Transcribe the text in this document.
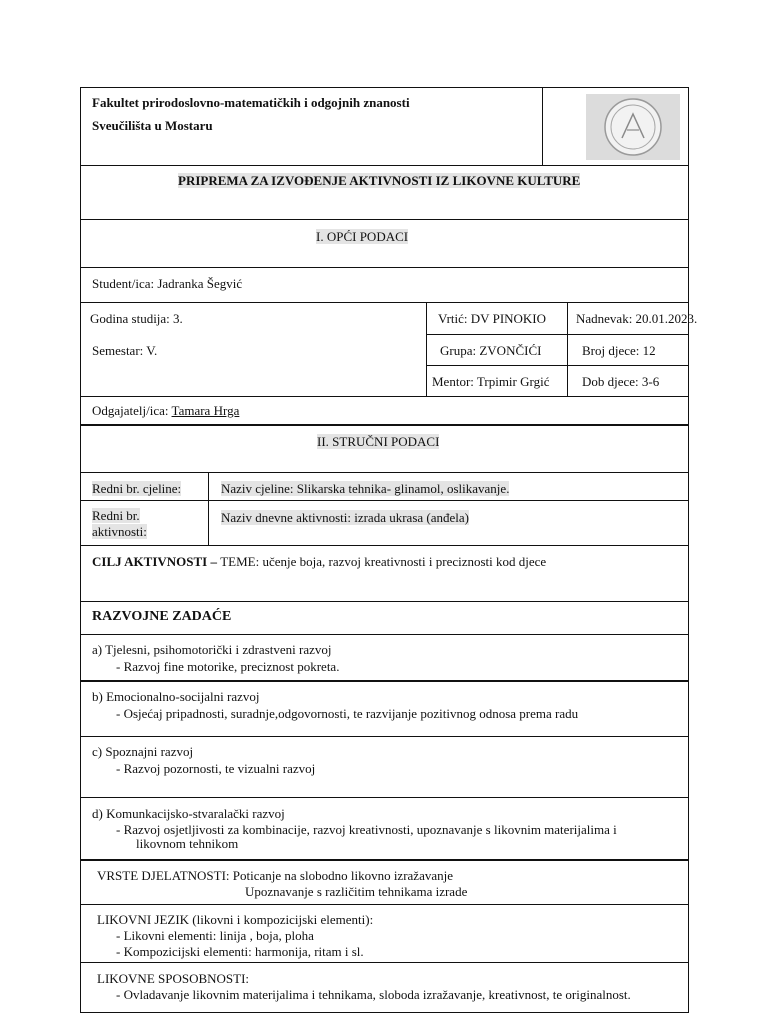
Fakultet prirodoslovno-matematičkih i odgojnih znanosti
Sveučilišta u Mostaru
PRIPREMA ZA IZVOĐENJE AKTIVNOSTI IZ LIKOVNE KULTURE
I. OPĆI PODACI
Student/ica: Jadranka Šegvić
Godina studija: 3.
Semestar: V.
Vrtić: DV PINOKIO Nadnevak: 20.01.2023.
Grupa: ZVONČIĆI	Broj djece: 12
Mentor: Trpimir Grgić	Dob djece: 3-6
Odgajatelj/ica: Tamara Hrga
II. STRUČNI PODACI
Redni br. cjeline:	Naziv cjeline: Slikarska tehnika- glinamol, oslikavanje.
Redni br.
aktivnosti:
Naziv dnevne aktivnosti: izrada ukrasa (anđela)
CILJ AKTIVNOSTI – TEME: učenje boja, razvoj kreativnosti i preciznosti kod djece
RAZVOJNE ZADAĆE
a) Tjelesni, psihomotorički i zdrastveni razvoj
- Razvoj fine motorike, preciznost pokreta.
b) Emocionalno-socijalni razvoj
- Osjećaj pripadnosti, suradnje,odgovornosti, te razvijanje pozitivnog odnosa prema radu
c) Spoznajni razvoj
- Razvoj pozornosti, te vizualni razvoj
d) Komunkacijsko-stvaralački razvoj
- Razvoj osjetljivosti za kombinacije, razvoj kreativnosti, upoznavanje s likovnim materijalima i
likovnom tehnikom
VRSTE DJELATNOSTI: Poticanje na slobodno likovno izražavanje
Upoznavanje s različitim tehnikama izrade
LIKOVNI JEZIK (likovni i kompozicijski elementi):
- Likovni elementi: linija , boja, ploha
- Kompozicijski elementi: harmonija, ritam i sl.
LIKOVNE SPOSOBNOSTI:
- Ovladavanje likovnim materijalima i tehnikama, sloboda izražavanje, kreativnost, te originalnost.
